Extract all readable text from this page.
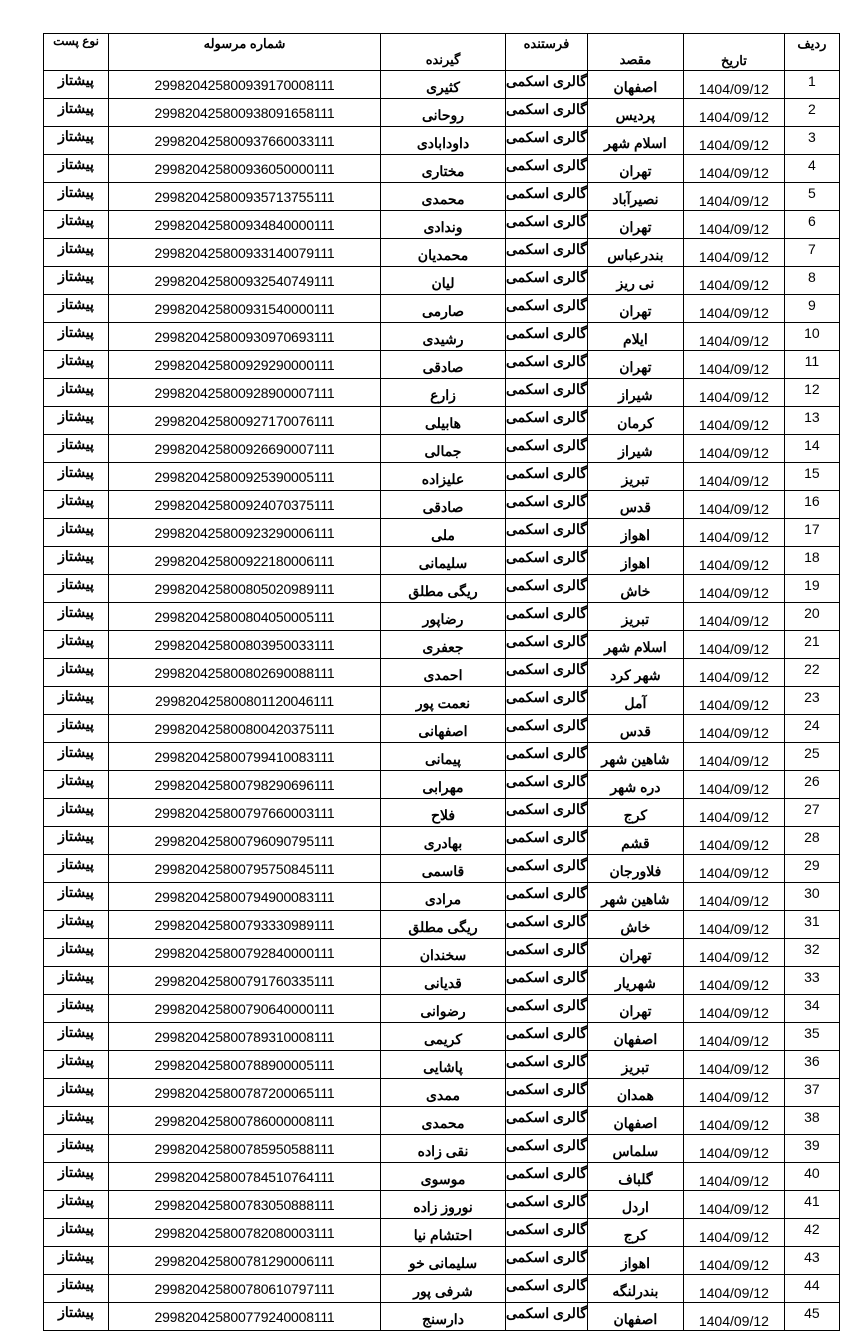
نوع پست	شماره مرسوله	گیرنده	فرستنده	مقصد	تاریخ	ردیف
پیشتاز	299820425800939170008111	کثیری	گالری اسکمی	اصفهان	1404/09/12	1
پیشتاز	299820425800938091658111	روحانی	گالری اسکمی	پردیس	1404/09/12	2
پیشتاز	299820425800937660033111	داودابادی	گالری اسکمی	اسلام شهر	1404/09/12	3
پیشتاز	299820425800936050000111	مختاری	گالری اسکمی	تهران	1404/09/12	4
پیشتاز	299820425800935713755111	محمدی	گالری اسکمی	نصیرآباد	1404/09/12	5
پیشتاز	299820425800934840000111	وندادی	گالری اسکمی	تهران	1404/09/12	6
پیشتاز	299820425800933140079111	محمدیان	گالری اسکمی	بندرعباس	1404/09/12	7
پیشتاز	299820425800932540749111	لیان	گالری اسکمی	نی ریز	1404/09/12	8
پیشتاز	299820425800931540000111	صارمی	گالری اسکمی	تهران	1404/09/12	9
پیشتاز	299820425800930970693111	رشیدی	گالری اسکمی	ایلام	1404/09/12	10
پیشتاز	299820425800929290000111	صادقی	گالری اسکمی	تهران	1404/09/12	11
پیشتاز	299820425800928900007111	زارع	گالری اسکمی	شیراز	1404/09/12	12
پیشتاز	299820425800927170076111	هابیلی	گالری اسکمی	کرمان	1404/09/12	13
پیشتاز	299820425800926690007111	جمالی	گالری اسکمی	شیراز	1404/09/12	14
پیشتاز	299820425800925390005111	علیزاده	گالری اسکمی	تبریز	1404/09/12	15
پیشتاز	299820425800924070375111	صادقی	گالری اسکمی	قدس	1404/09/12	16
پیشتاز	299820425800923290006111	ملی	گالری اسکمی	اهواز	1404/09/12	17
پیشتاز	299820425800922180006111	سلیمانی	گالری اسکمی	اهواز	1404/09/12	18
پیشتاز	299820425800805020989111	ریگی مطلق	گالری اسکمی	خاش	1404/09/12	19
پیشتاز	299820425800804050005111	رضاپور	گالری اسکمی	تبریز	1404/09/12	20
پیشتاز	299820425800803950033111	جعفری	گالری اسکمی	اسلام شهر	1404/09/12	21
پیشتاز	299820425800802690088111	احمدی	گالری اسکمی	شهر کرد	1404/09/12	22
پیشتاز	299820425800801120046111	نعمت پور	گالری اسکمی	آمل	1404/09/12	23
پیشتاز	299820425800800420375111	اصفهانی	گالری اسکمی	قدس	1404/09/12	24
پیشتاز	299820425800799410083111	پیمانی	گالری اسکمی	شاهین شهر	1404/09/12	25
پیشتاز	299820425800798290696111	مهرابی	گالری اسکمی	دره شهر	1404/09/12	26
پیشتاز	299820425800797660003111	فلاح	گالری اسکمی	کرج	1404/09/12	27
پیشتاز	299820425800796090795111	بهادری	گالری اسکمی	قشم	1404/09/12	28
پیشتاز	299820425800795750845111	قاسمی	گالری اسکمی	فلاورجان	1404/09/12	29
پیشتاز	299820425800794900083111	مرادی	گالری اسکمی	شاهین شهر	1404/09/12	30
پیشتاز	299820425800793330989111	ریگی مطلق	گالری اسکمی	خاش	1404/09/12	31
پیشتاز	299820425800792840000111	سخندان	گالری اسکمی	تهران	1404/09/12	32
پیشتاز	299820425800791760335111	قدیانی	گالری اسکمی	شهریار	1404/09/12	33
پیشتاز	299820425800790640000111	رضوانی	گالری اسکمی	تهران	1404/09/12	34
پیشتاز	299820425800789310008111	کریمی	گالری اسکمی	اصفهان	1404/09/12	35
پیشتاز	299820425800788900005111	پاشایی	گالری اسکمی	تبریز	1404/09/12	36
پیشتاز	299820425800787200065111	ممدی	گالری اسکمی	همدان	1404/09/12	37
پیشتاز	299820425800786000008111	محمدی	گالری اسکمی	اصفهان	1404/09/12	38
پیشتاز	299820425800785950588111	نقی زاده	گالری اسکمی	سلماس	1404/09/12	39
پیشتاز	299820425800784510764111	موسوی	گالری اسکمی	گلباف	1404/09/12	40
پیشتاز	299820425800783050888111	نوروز زاده	گالری اسکمی	اردل	1404/09/12	41
پیشتاز	299820425800782080003111	احتشام نیا	گالری اسکمی	کرج	1404/09/12	42
پیشتاز	299820425800781290006111	سلیمانی خو	گالری اسکمی	اهواز	1404/09/12	43
پیشتاز	299820425800780610797111	شرفی پور	گالری اسکمی	بندرلنگه	1404/09/12	44
پیشتاز	299820425800779240008111	دارسنج	گالری اسکمی	اصفهان	1404/09/12	45
